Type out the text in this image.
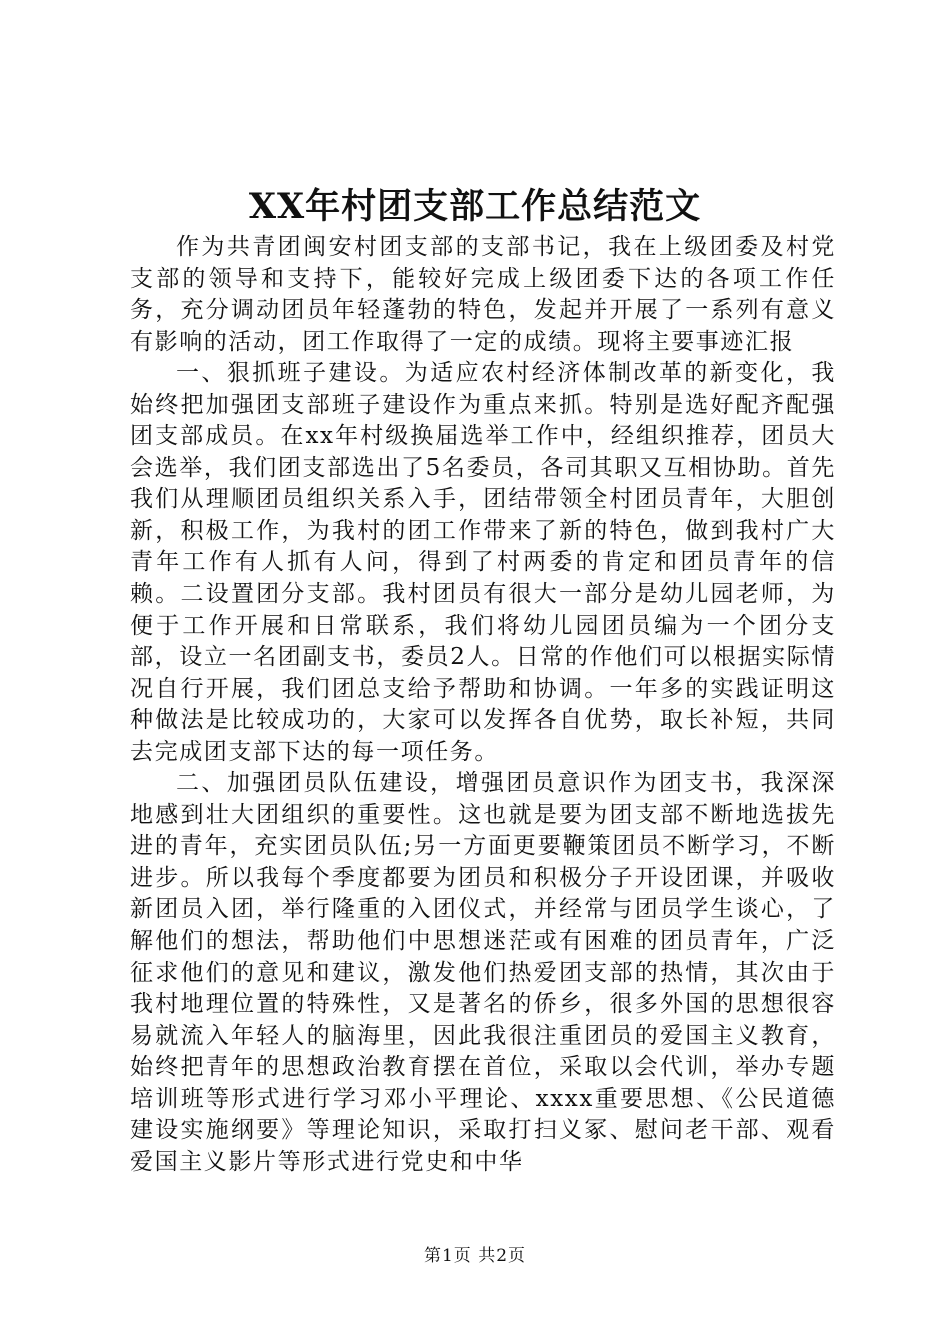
XX年村团支部工作总结范文

作为共青团闽安村团支部的支部书记，我在上级团委及村党支部的领导和支持下，能较好完成上级团委下达的各项工作任务，充分调动团员年轻蓬勃的特色，发起并开展了一系列有意义有影响的活动，团工作取得了一定的成绩。现将主要事迹汇报

一、狠抓班子建设。为适应农村经济体制改革的新变化，我始终把加强团支部班子建设作为重点来抓。特别是选好配齐配强团支部成员。在xx年村级换届选举工作中，经组织推荐，团员大会选举，我们团支部选出了5名委员，各司其职又互相协助。首先我们从理顺团员组织关系入手，团结带领全村团员青年，大胆创新，积极工作，为我村的团工作带来了新的特色，做到我村广大青年工作有人抓有人问，得到了村两委的肯定和团员青年的信赖。二设置团分支部。我村团员有很大一部分是幼儿园老师，为便于工作开展和日常联系，我们将幼儿园团员编为一个团分支部，设立一名团副支书，委员2人。日常的作他们可以根据实际情况自行开展，我们团总支给予帮助和协调。一年多的实践证明这种做法是比较成功的，大家可以发挥各自优势，取长补短，共同去完成团支部下达的每一项任务。

二、加强团员队伍建设，增强团员意识作为团支书，我深深地感到壮大团组织的重要性。这也就是要为团支部不断地选拔先进的青年，充实团员队伍;另一方面更要鞭策团员不断学习，不断进步。所以我每个季度都要为团员和积极分子开设团课，并吸收新团员入团，举行隆重的入团仪式，并经常与团员学生谈心，了解他们的想法，帮助他们中思想迷茫或有困难的团员青年，广泛征求他们的意见和建议，激发他们热爱团支部的热情，其次由于我村地理位置的特殊性，又是著名的侨乡，很多外国的思想很容易就流入年轻人的脑海里，因此我很注重团员的爱国主义教育，始终把青年的思想政治教育摆在首位，采取以会代训，举办专题培训班等形式进行学习邓小平理论、xxxx重要思想、《公民道德建设实施纲要》等理论知识，采取打扫义冢、慰问老干部、观看爱国主义影片等形式进行党史和中华

第1页 共2页
